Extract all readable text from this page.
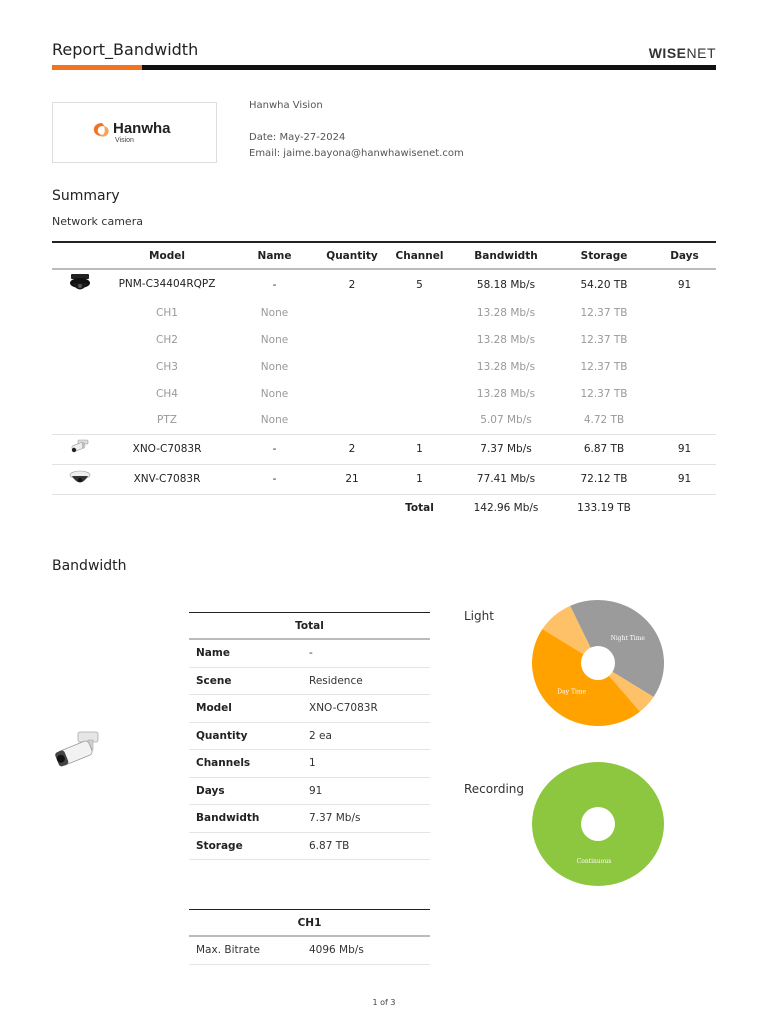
Report_Bandwidth	WISENET
Hanwha
Vision
Hanwha Vision
Date: May-27-2024
Email: jaime.bayona@hanwhawisenet.com
Summary
Network camera
	Model	Name	Quantity	Channel	Bandwidth	Storage	Days
	PNM-C34404RQPZ	-	2	5	58.18 Mb/s	54.20 TB	91
	CH1	None			13.28 Mb/s	12.37 TB	
	CH2	None			13.28 Mb/s	12.37 TB	
	CH3	None			13.28 Mb/s	12.37 TB	
	CH4	None			13.28 Mb/s	12.37 TB	
	PTZ	None			5.07 Mb/s	4.72 TB	
	XNO-C7083R	-	2	1	7.37 Mb/s	6.87 TB	91
	XNV-C7083R	-	21	1	77.41 Mb/s	72.12 TB	91
				Total	142.96 Mb/s	133.19 TB	
Bandwidth
Total
Name	-
Scene	Residence
Model	XNO-C7083R
Quantity	2 ea
Channels	1
Days	91
Bandwidth	7.37 Mb/s
Storage	6.87 TB
CH1
Max. Bitrate	4096 Mb/s
Light
Night Time
Day Time
Recording
Continuous
1 of 3
